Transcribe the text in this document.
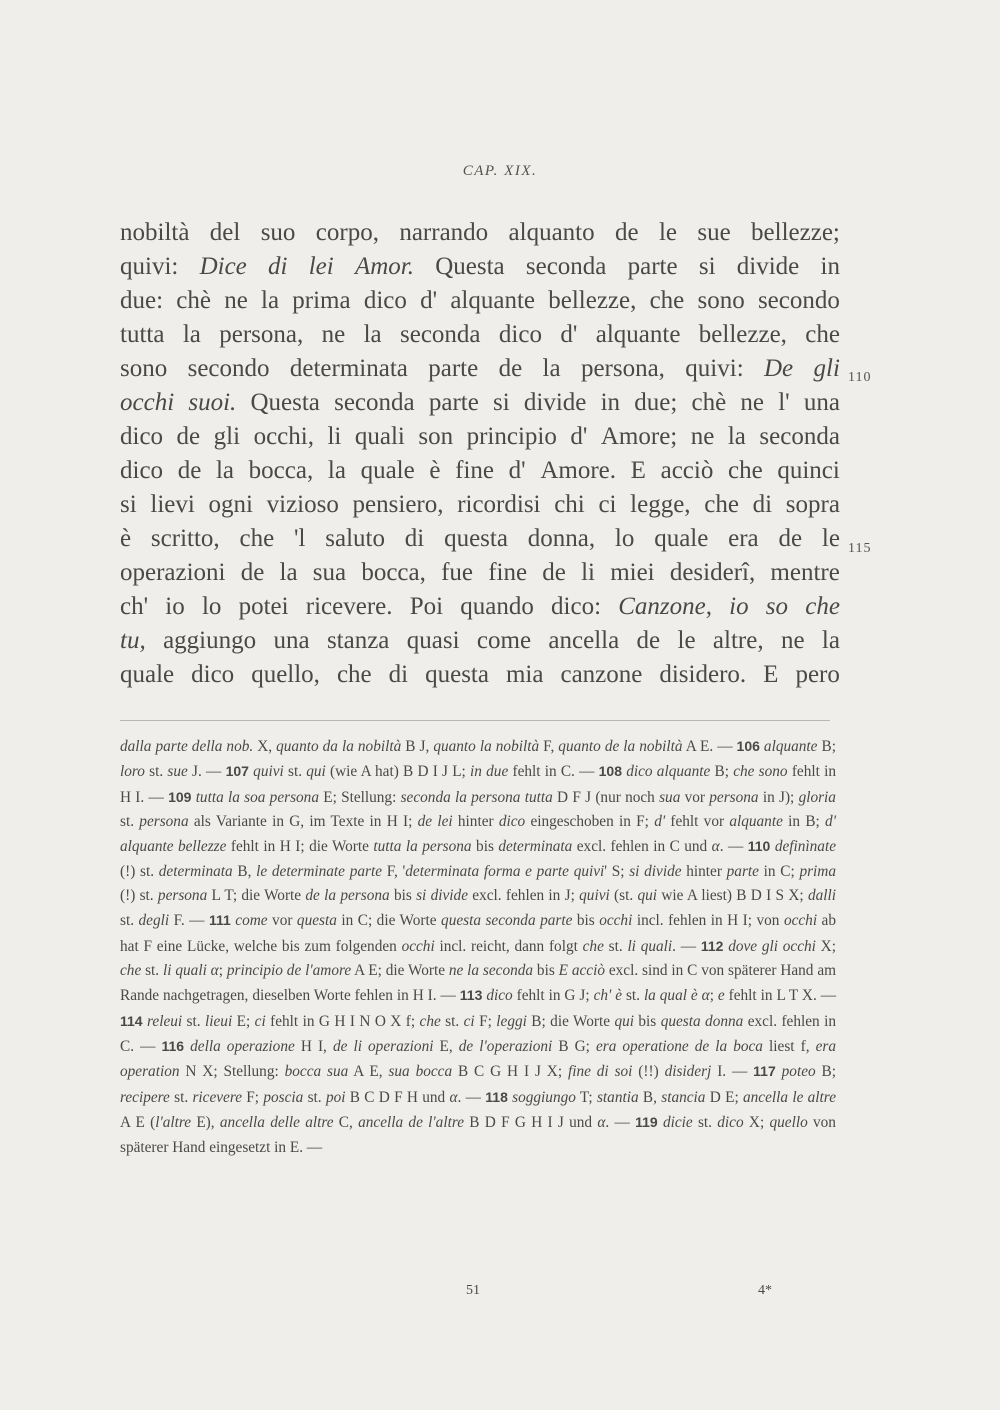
CAP. XIX.
nobiltà del suo corpo, narrando alquanto de le sue bellezze;
quivi: Dice di lei Amor. Questa seconda parte si divide in
due: chè ne la prima dico d' alquante bellezze, che sono secondo
tutta la persona, ne la seconda dico d' alquante bellezze, che
sono secondo determinata parte de la persona, quivi: De gli
occhi suoi. Questa seconda parte si divide in due; chè ne l' una
dico de gli occhi, li quali son principio d' Amore; ne la seconda
dico de la bocca, la quale è fine d' Amore. E acciò che quinci
si lievi ogni vizioso pensiero, ricordisi chi ci legge, che di sopra
è scritto, che 'l saluto di questa donna, lo quale era de le
operazioni de la sua bocca, fue fine de li miei desiderî, mentre
ch' io lo potei ricevere. Poi quando dico: Canzone, io so che
tu, aggiungo una stanza quasi come ancella de le altre, ne la
quale dico quello, che di questa mia canzone disidero. E pero
110
115
dalla parte della nob. X, quanto da la nobiltà B J, quanto la nobiltà F, quanto de la nobiltà A E. — 106 alquante B; loro st. sue J. — 107 quivi st. qui (wie A hat) B D I J L; in due fehlt in C. — 108 dico alquante B; che sono fehlt in H I. — 109 tutta la soa persona E; Stellung: seconda la persona tutta D F J (nur noch sua vor persona in J); gloria st. persona als Variante in G, im Texte in H I; de lei hinter dico eingeschoben in F; d' fehlt vor alquante in B; d' alquante bellezze fehlt in H I; die Worte tutta la persona bis determinata excl. fehlen in C und α. — 110 definìnate (!) st. determinata B, le determinate parte F, 'determinata forma e parte quivi' S; si divide hinter parte in C; prima (!) st. persona L T; die Worte de la persona bis si divide excl. fehlen in J; quivi (st. qui wie A liest) B D I S X; dalli st. degli F. — 111 come vor questa in C; die Worte questa seconda parte bis occhi incl. fehlen in H I; von occhi ab hat F eine Lücke, welche bis zum folgenden occhi incl. reicht, dann folgt che st. li quali. — 112 dove gli occhi X; che st. li quali α; principio de l'amore A E; die Worte ne la seconda bis E acciò excl. sind in C von späterer Hand am Rande nachgetragen, dieselben Worte fehlen in H I. — 113 dico fehlt in G J; ch' è st. la qual è α; e fehlt in L T X. — 114 releui st. lieui E; ci fehlt in G H I N O X f; che st. ci F; leggi B; die Worte qui bis questa donna excl. fehlen in C. — 116 della operazione H I, de li operazioni E, de l'operazioni B G; era operatione de la boca liest f, era operation N X; Stellung: bocca sua A E, sua bocca B C G H I J X; fine di soi (!!) disiderj I. — 117 poteo B; recipere st. ricevere F; poscia st. poi B C D F H und α. — 118 soggiungo T; stantia B, stancia D E; ancella le altre A E (l'altre E), ancella delle altre C, ancella de l'altre B D F G H I J und α. — 119 dicie st. dico X; quello von späterer Hand eingesetzt in E. —
51	4*
